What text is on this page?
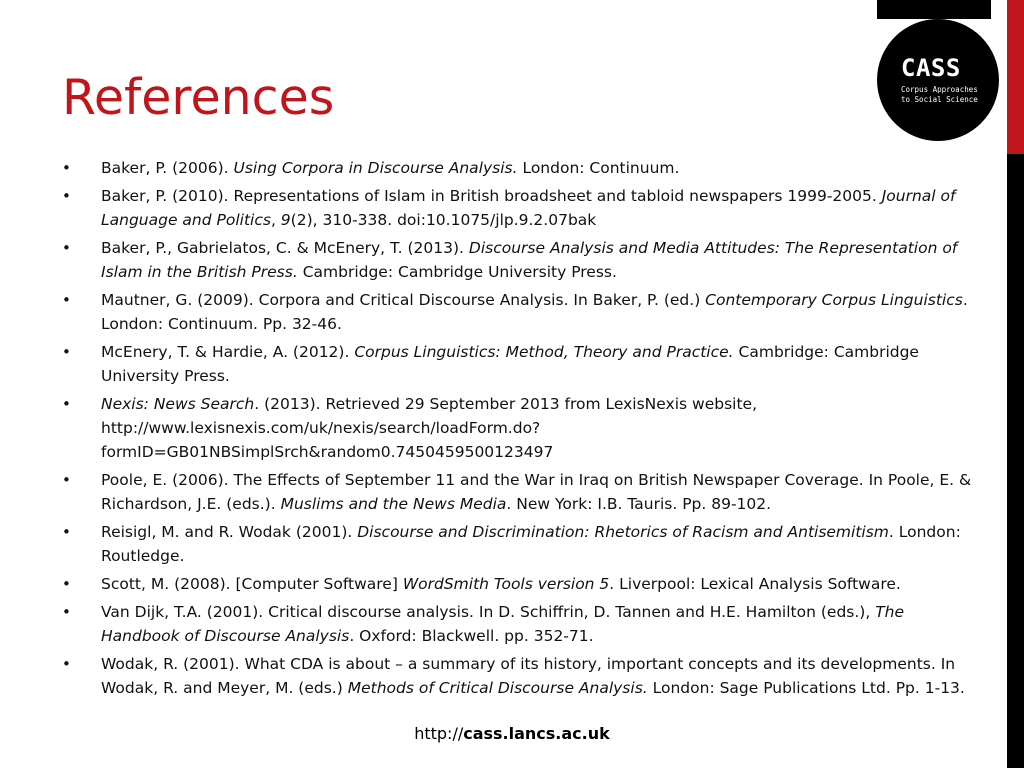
CASS
Corpus Approaches
to Social Science
References
• Baker, P. (2006). Using Corpora in Discourse Analysis. London: Continuum.
• Baker, P. (2010). Representations of Islam in British broadsheet and tabloid newspapers 1999-2005. Journal of Language and Politics, 9(2), 310-338. doi:10.1075/jlp.9.2.07bak
• Baker, P., Gabrielatos, C. & McEnery, T. (2013). Discourse Analysis and Media Attitudes: The Representation of Islam in the British Press. Cambridge: Cambridge University Press.
• Mautner, G. (2009). Corpora and Critical Discourse Analysis. In Baker, P. (ed.) Contemporary Corpus Linguistics. London: Continuum. Pp. 32-46.
• McEnery, T. & Hardie, A. (2012). Corpus Linguistics: Method, Theory and Practice. Cambridge: Cambridge University Press.
• Nexis: News Search. (2013). Retrieved 29 September 2013 from LexisNexis website, http://www.lexisnexis.com/uk/nexis/search/loadForm.do?formID=GB01NBSimplSrch&random0.7450459500123497
• Poole, E. (2006). The Effects of September 11 and the War in Iraq on British Newspaper Coverage. In Poole, E. & Richardson, J.E. (eds.). Muslims and the News Media. New York: I.B. Tauris. Pp. 89-102.
• Reisigl, M. and R. Wodak (2001). Discourse and Discrimination: Rhetorics of Racism and Antisemitism. London: Routledge.
• Scott, M. (2008). [Computer Software] WordSmith Tools version 5. Liverpool: Lexical Analysis Software.
• Van Dijk, T.A. (2001). Critical discourse analysis. In D. Schiffrin, D. Tannen and H.E. Hamilton (eds.), The Handbook of Discourse Analysis. Oxford: Blackwell. pp. 352-71.
• Wodak, R. (2001). What CDA is about – a summary of its history, important concepts and its developments. In Wodak, R. and Meyer, M. (eds.) Methods of Critical Discourse Analysis. London: Sage Publications Ltd. Pp. 1-13.
http://cass.lancs.ac.uk
